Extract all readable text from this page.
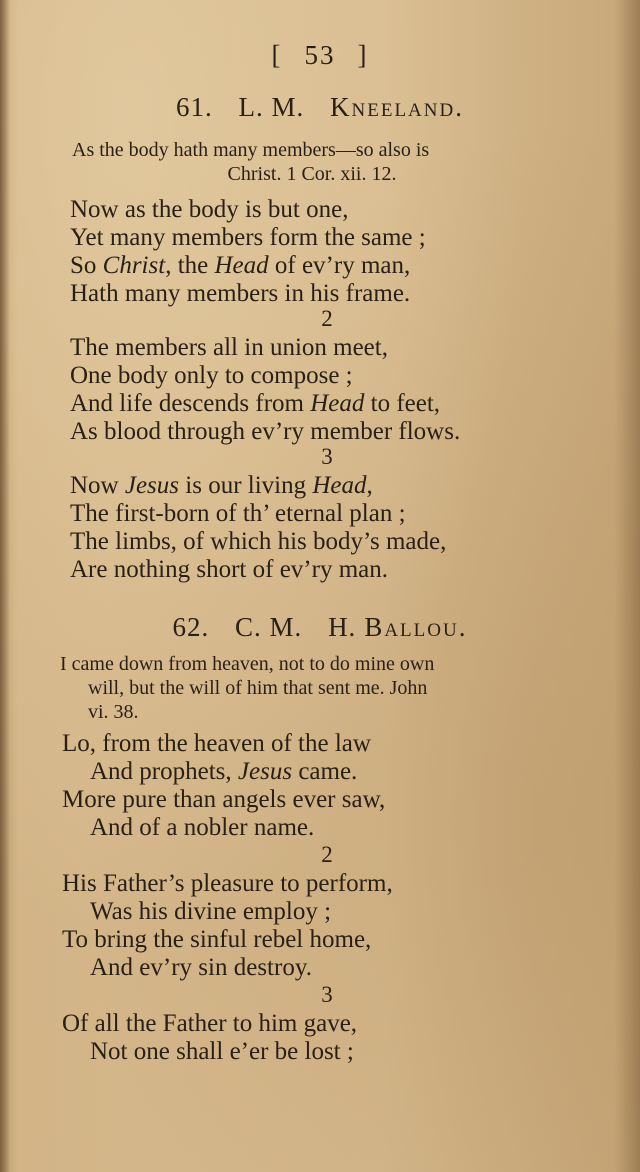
[ 53 ]
61. L. M. Kneeland.
As the body hath many members—so also is
Christ. 1 Cor. xii. 12.
Now as the body is but one,
Yet many members form the same ;
So Christ, the Head of ev’ry man,
Hath many members in his frame.
2
The members all in union meet,
One body only to compose ;
And life descends from Head to feet,
As blood through ev’ry member flows.
3
Now Jesus is our living Head,
The first-born of th’ eternal plan ;
The limbs, of which his body’s made,
Are nothing short of ev’ry man.
62. C. M. H. Ballou.
I came down from heaven, not to do mine own
will, but the will of him that sent me. John
vi. 38.
Lo, from the heaven of the law
And prophets, Jesus came.
More pure than angels ever saw,
And of a nobler name.
2
His Father’s pleasure to perform,
Was his divine employ ;
To bring the sinful rebel home,
And ev’ry sin destroy.
3
Of all the Father to him gave,
Not one shall e’er be lost ;
